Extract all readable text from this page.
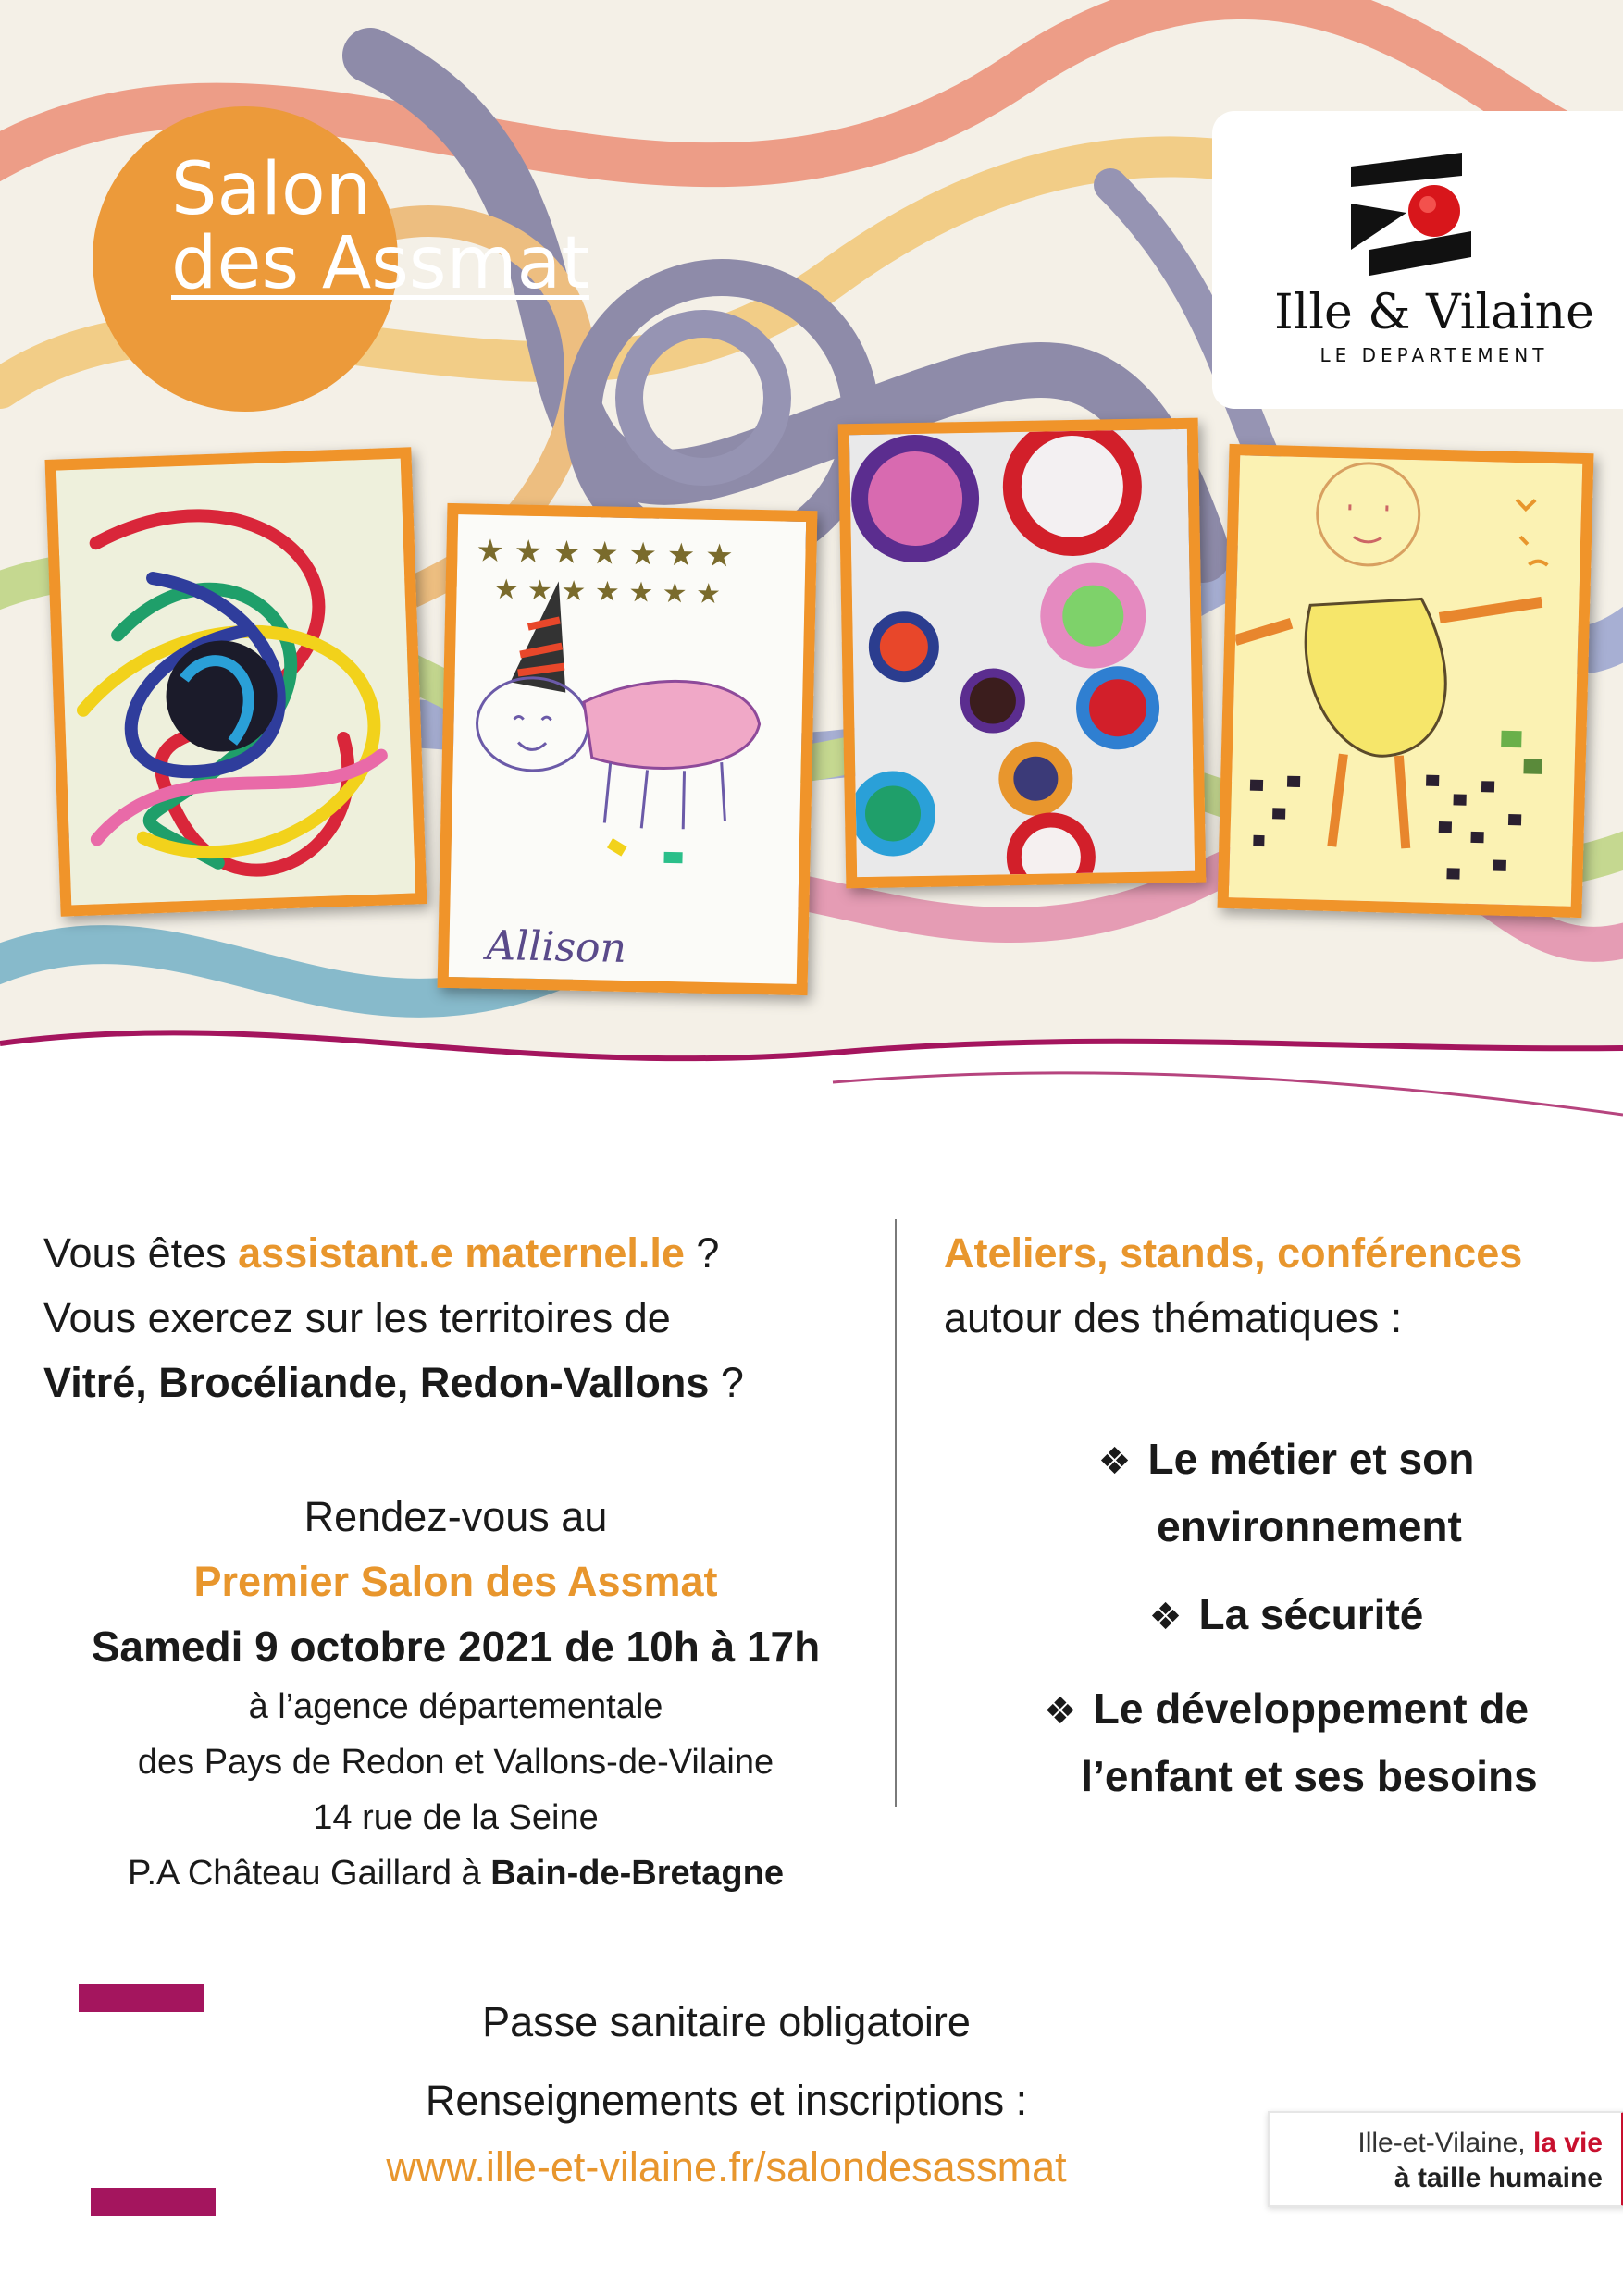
Salon
des Assmat
Ille & Vilaine
LE DEPARTEMENT
★ ★ ★ ★ ★ ★ ★
★ ★ ★ ★ ★ ★ ★
Allison
Vous êtes assistant.e maternel.le ?
Vous exercez sur les territoires de
Vitré, Brocéliande, Redon-Vallons ?
Rendez-vous au
Premier Salon des Assmat
Samedi 9 octobre 2021 de 10h à 17h
à l’agence départementale
des Pays de Redon et Vallons-de-Vilaine
14 rue de la Seine
P.A Château Gaillard à Bain-de-Bretagne
Ateliers, stands, conférences
autour des thématiques :
❖ Le métier et son
environnement
❖ La sécurité
❖ Le développement de
l’enfant et ses besoins
Passe sanitaire obligatoire
Renseignements et inscriptions :
www.ille-et-vilaine.fr/salondesassmat
Ille-et-Vilaine, la vie
à taille humaine
